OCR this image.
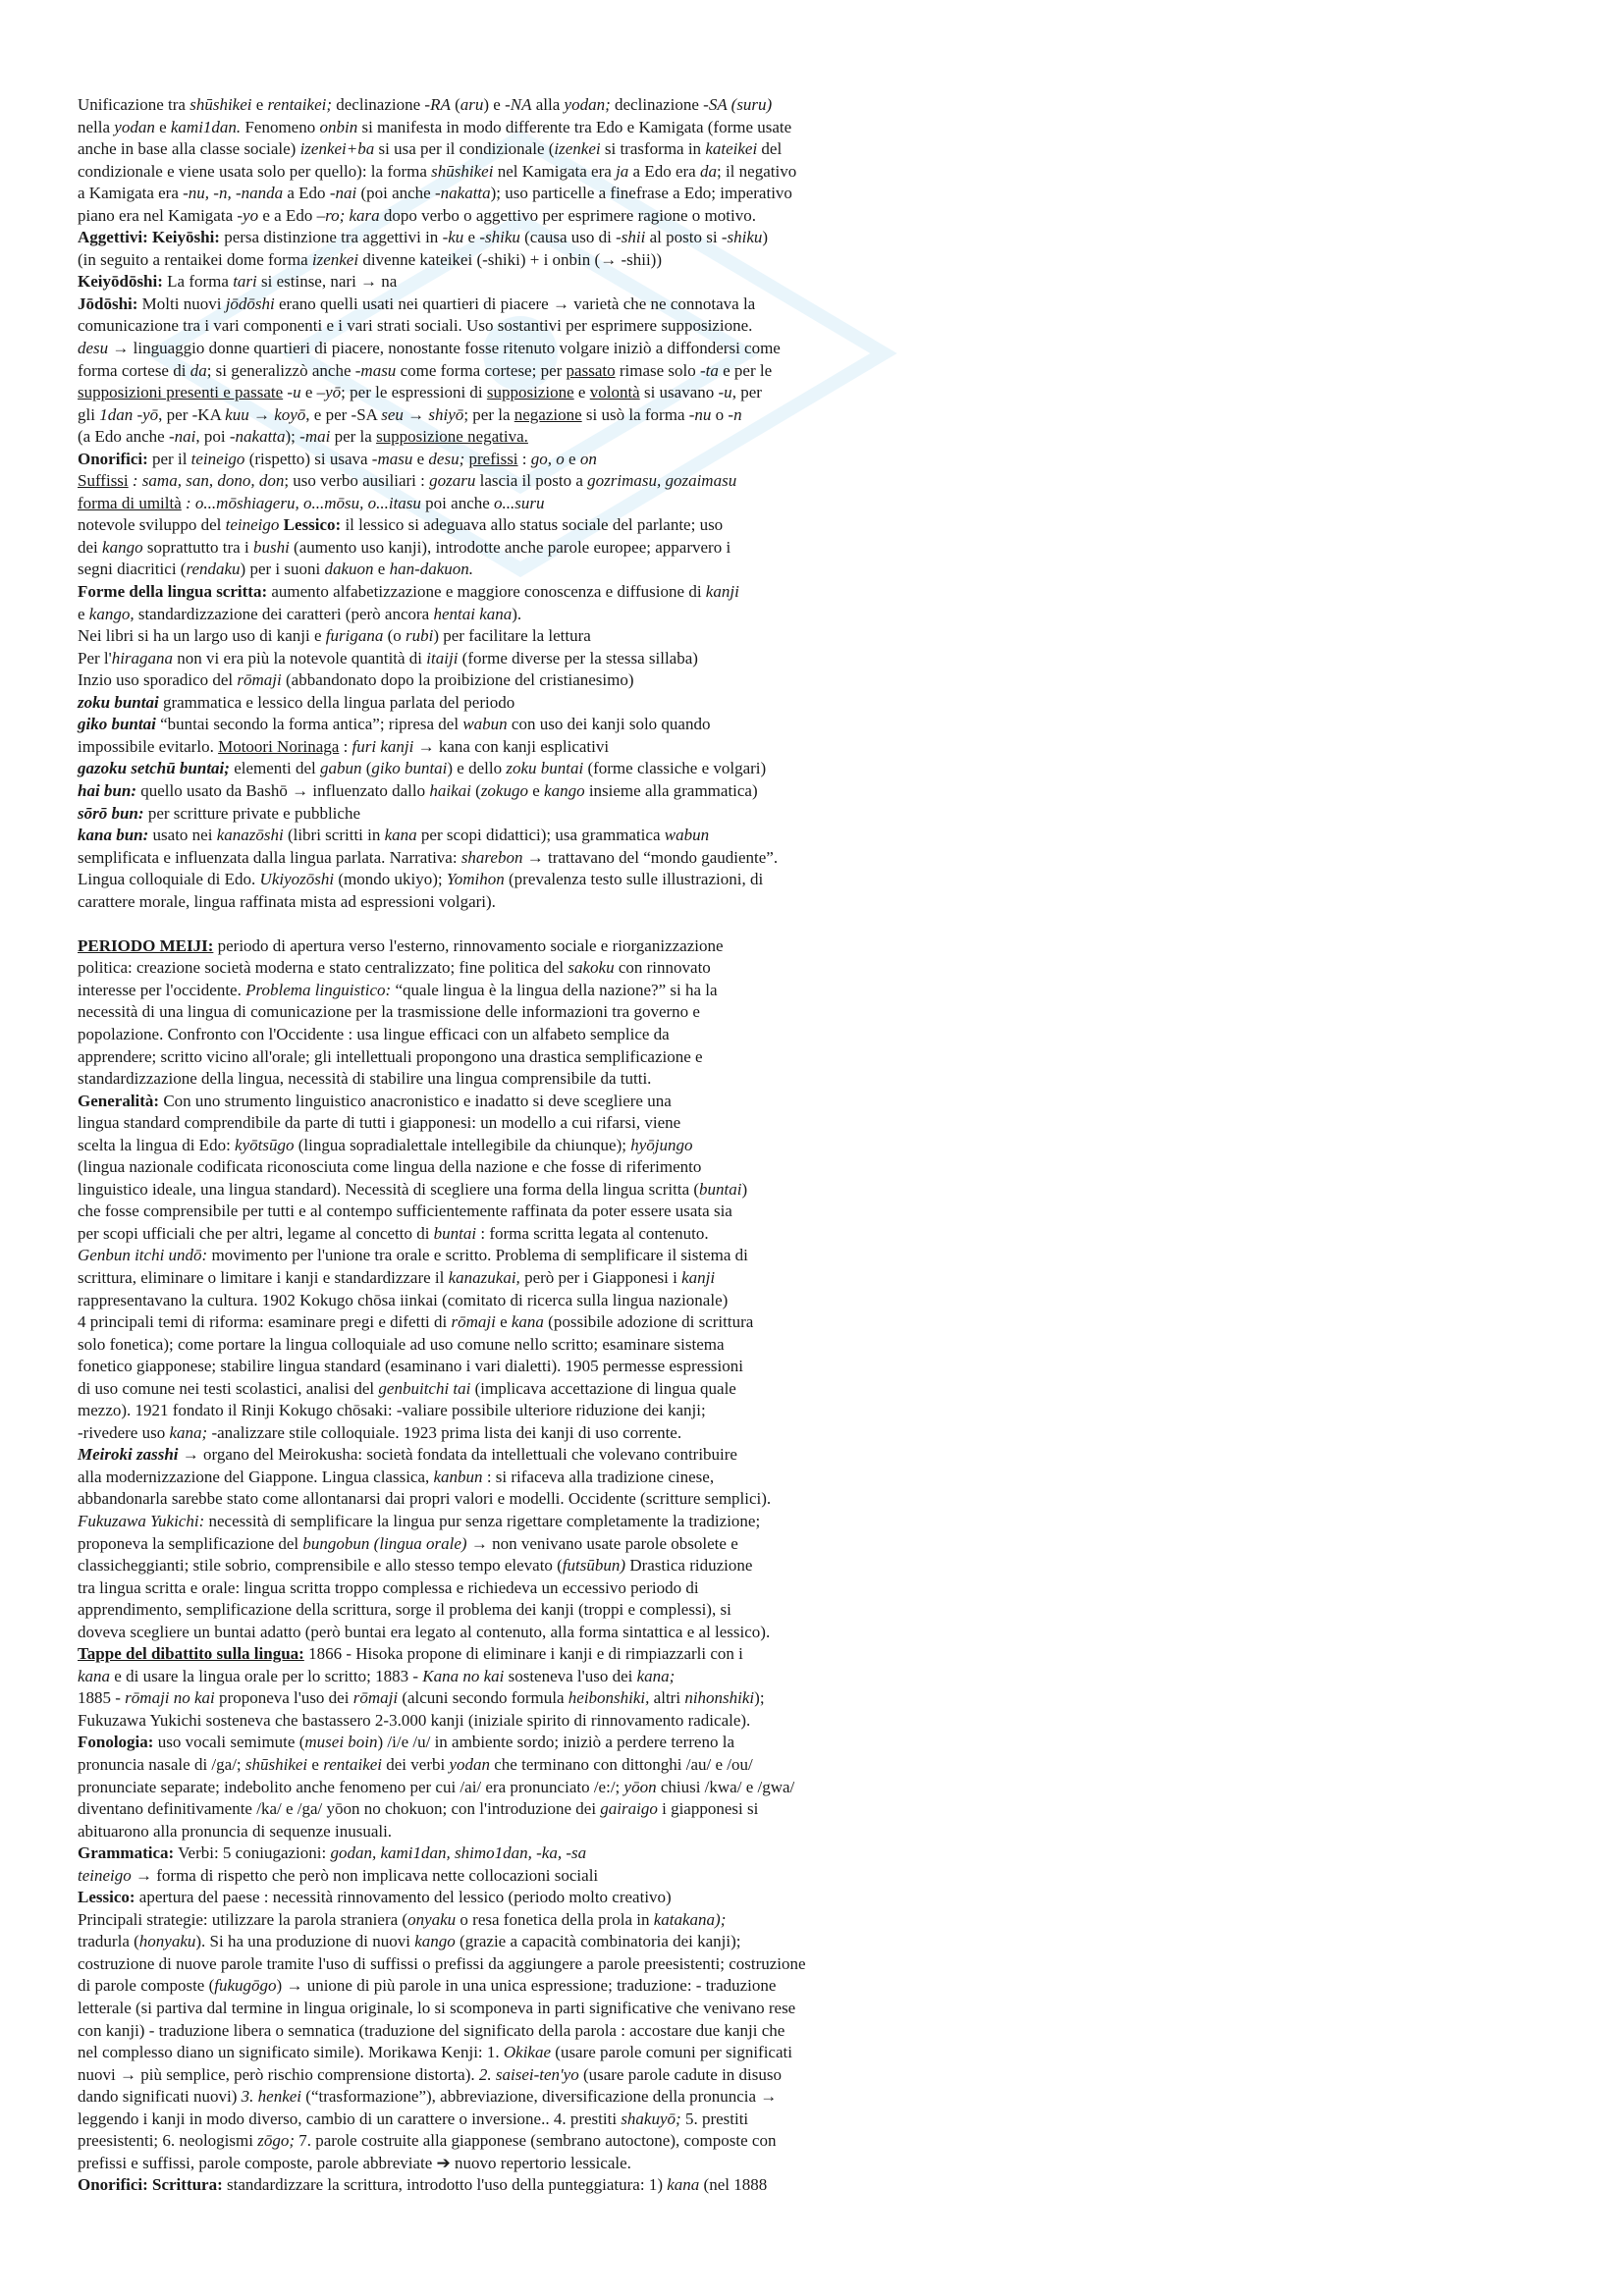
Unificazione tra shūshikei e rentaikei; declinazione -RA (aru) e -NA alla yodan; declinazione -SA (suru)
nella yodan e kami1dan. Fenomeno onbin si manifesta in modo differente tra Edo e Kamigata (forme usate
anche in base alla classe sociale) izenkei+ba si usa per il condizionale (izenkei si trasforma in kateikei del
condizionale e viene usata solo per quello): la forma shūshikei nel Kamigata era ja a Edo era da; il negativo
a Kamigata era -nu, -n, -nanda a Edo -nai (poi anche -nakatta); uso particelle a finefrase a Edo; imperativo
piano era nel Kamigata -yo e a Edo –ro; kara dopo verbo o aggettivo per esprimere ragione o motivo.
Aggettivi: Keiyōshi: persa distinzione tra aggettivi in -ku e -shiku (causa uso di -shii al posto si -shiku)
(in seguito a rentaikei dome forma izenkei divenne kateikei (-shiki) + i onbin (→ -shii))
Keiyōdōshi: La forma tari si estinse, nari → na
Jōdōshi: Molti nuovi jōdōshi erano quelli usati nei quartieri di piacere → varietà che ne connotava la
comunicazione tra i vari componenti e i vari strati sociali. Uso sostantivi per esprimere supposizione.
desu → linguaggio donne quartieri di piacere, nonostante fosse ritenuto volgare iniziò a diffondersi come
forma cortese di da; si generalizzò anche -masu come forma cortese; per passato rimase solo -ta e per le
supposizioni presenti e passate -u e –yō; per le espressioni di supposizione e volontà si usavano -u, per
gli 1dan -yō, per -KA kuu → koyō, e per -SA seu → shiyō; per la negazione si usò la forma -nu o -n
(a Edo anche -nai, poi -nakatta); -mai per la supposizione negativa.
Onorifici: per il teineigo (rispetto) si usava -masu e desu; prefissi : go, o e on
Suffissi : sama, san, dono, don; uso verbo ausiliari : gozaru lascia il posto a gozrimasu, gozaimasu
forma di umiltà : o...mōshiageru, o...mōsu, o...itasu poi anche o...suru
notevole sviluppo del teineigo Lessico: il lessico si adeguava allo status sociale del parlante; uso
dei kango soprattutto tra i bushi (aumento uso kanji), introdotte anche parole europee; apparvero i
segni diacritici (rendaku) per i suoni dakuon e han-dakuon.
Forme della lingua scritta: aumento alfabetizzazione e maggiore conoscenza e diffusione di kanji
e kango, standardizzazione dei caratteri (però ancora hentai kana).
Nei libri si ha un largo uso di kanji e furigana (o rubi) per facilitare la lettura
Per l'hiragana non vi era più la notevole quantità di itaiji (forme diverse per la stessa sillaba)
Inzio uso sporadico del rōmaji (abbandonato dopo la proibizione del cristianesimo)
zoku buntai grammatica e lessico della lingua parlata del periodo
giko buntai “buntai secondo la forma antica”; ripresa del wabun con uso dei kanji solo quando
impossibile evitarlo. Motoori Norinaga : furi kanji → kana con kanji esplicativi
gazoku setchū buntai; elementi del gabun (giko buntai) e dello zoku buntai (forme classiche e volgari)
hai bun: quello usato da Bashō → influenzato dallo haikai (zokugo e kango insieme alla grammatica)
sōrō bun: per scritture private e pubbliche
kana bun: usato nei kanazōshi (libri scritti in kana per scopi didattici); usa grammatica wabun
semplificata e influenzata dalla lingua parlata. Narrativa: sharebon → trattavano del “mondo gaudiente”.
Lingua colloquiale di Edo. Ukiyozōshi (mondo ukiyo); Yomihon (prevalenza testo sulle illustrazioni, di
carattere morale, lingua raffinata mista ad espressioni volgari).
PERIODO MEIJI: periodo di apertura verso l'esterno, rinnovamento sociale e riorganizzazione
politica: creazione società moderna e stato centralizzato; fine politica del sakoku con rinnovato
interesse per l'occidente. Problema linguistico: “quale lingua è la lingua della nazione?” si ha la
necessità di una lingua di comunicazione per la trasmissione delle informazioni tra governo e
popolazione. Confronto con l'Occidente : usa lingue efficaci con un alfabeto semplice da
apprendere; scritto vicino all'orale; gli intellettuali propongono una drastica semplificazione e
standardizzazione della lingua, necessità di stabilire una lingua comprensibile da tutti.
Generalità: Con uno strumento linguistico anacronistico e inadatto si deve scegliere una
lingua standard comprendibile da parte di tutti i giapponesi: un modello a cui rifarsi, viene
scelta la lingua di Edo: kyōtsūgo (lingua sopradialettale intellegibile da chiunque); hyōjungo
(lingua nazionale codificata riconosciuta come lingua della nazione e che fosse di riferimento
linguistico ideale, una lingua standard). Necessità di scegliere una forma della lingua scritta (buntai)
che fosse comprensibile per tutti e al contempo sufficientemente raffinata da poter essere usata sia
per scopi ufficiali che per altri, legame al concetto di buntai : forma scritta legata al contenuto.
Genbun itchi undō: movimento per l'unione tra orale e scritto. Problema di semplificare il sistema di
scrittura, eliminare o limitare i kanji e standardizzare il kanazukai, però per i Giapponesi i kanji
rappresentavano la cultura. 1902 Kokugo chōsa iinkai (comitato di ricerca sulla lingua nazionale)
4 principali temi di riforma: esaminare pregi e difetti di rōmaji e kana (possibile adozione di scrittura
solo fonetica); come portare la lingua colloquiale ad uso comune nello scritto; esaminare sistema
fonetico giapponese; stabilire lingua standard (esaminano i vari dialetti). 1905 permesse espressioni
di uso comune nei testi scolastici, analisi del genbuitchi tai (implicava accettazione di lingua quale
mezzo). 1921 fondato il Rinji Kokugo chōsaki: -valiare possibile ulteriore riduzione dei kanji;
-rivedere uso kana; -analizzare stile colloquiale. 1923 prima lista dei kanji di uso corrente.
Meiroki zasshi → organo del Meirokusha: società fondata da intellettuali che volevano contribuire
alla modernizzazione del Giappone. Lingua classica, kanbun : si rifaceva alla tradizione cinese,
abbandonarla sarebbe stato come allontanarsi dai propri valori e modelli. Occidente (scritture semplici).
Fukuzawa Yukichi: necessità di semplificare la lingua pur senza rigettare completamente la tradizione;
proponeva la semplificazione del bungobun (lingua orale) → non venivano usate parole obsolete e
classicheggianti; stile sobrio, comprensibile e allo stesso tempo elevato (futsūbun) Drastica riduzione
tra lingua scritta e orale: lingua scritta troppo complessa e richiedeva un eccessivo periodo di
apprendimento, semplificazione della scrittura, sorge il problema dei kanji (troppi e complessi), si
doveva scegliere un buntai adatto (però buntai era legato al contenuto, alla forma sintattica e al lessico).
Tappe del dibattito sulla lingua: 1866 - Hisoka propone di eliminare i kanji e di rimpiazzarli con i
kana e di usare la lingua orale per lo scritto; 1883 - Kana no kai sosteneva l'uso dei kana;
1885 - rōmaji no kai proponeva l'uso dei rōmaji (alcuni secondo formula heibonshiki, altri nihonshiki);
Fukuzawa Yukichi sosteneva che bastassero 2-3.000 kanji (iniziale spirito di rinnovamento radicale).
Fonologia: uso vocali semimute (musei boin) /i/e /u/ in ambiente sordo; iniziò a perdere terreno la
pronuncia nasale di /ga/; shūshikei e rentaikei dei verbi yodan che terminano con dittonghi /au/ e /ou/
pronunciate separate; indebolito anche fenomeno per cui /ai/ era pronunciato /e:/; yōon chiusi /kwa/ e /gwa/
diventano definitivamente /ka/ e /ga/ yōon no chokuon; con l'introduzione dei gairaigo i giapponesi si
abituarono alla pronuncia di sequenze inusuali.
Grammatica: Verbi: 5 coniugazioni: godan, kami1dan, shimo1dan, -ka, -sa
teineigo → forma di rispetto che però non implicava nette collocazioni sociali
Lessico: apertura del paese : necessità rinnovamento del lessico (periodo molto creativo)
Principali strategie: utilizzare la parola straniera (onyaku o resa fonetica della prola in katakana);
tradurla (honyaku). Si ha una produzione di nuovi kango (grazie a capacità combinatoria dei kanji);
costruzione di nuove parole tramite l'uso di suffissi o prefissi da aggiungere a parole preesistenti; costruzione
di parole composte (fukugōgo) → unione di più parole in una unica espressione; traduzione: - traduzione
letterale (si partiva dal termine in lingua originale, lo si scomponeva in parti significative che venivano rese
con kanji) - traduzione libera o semnatica (traduzione del significato della parola : accostare due kanji che
nel complesso diano un significato simile). Morikawa Kenji: 1. Okikae (usare parole comuni per significati
nuovi → più semplice, però rischio comprensione distorta). 2. saisei-ten'yo (usare parole cadute in disuso
dando significati nuovi) 3. henkei (“trasformazione”), abbreviazione, diversificazione della pronuncia →
leggendo i kanji in modo diverso, cambio di un carattere o inversione.. 4. prestiti shakuyō; 5. prestiti
preesistenti; 6. neologismi zōgo; 7. parole costruite alla giapponese (sembrano autoctone), composte con
prefissi e suffissi, parole composte, parole abbreviate ➔ nuovo repertorio lessicale.
Onorifici: Scrittura: standardizzare la scrittura, introdotto l'uso della punteggiatura: 1) kana (nel 1888
